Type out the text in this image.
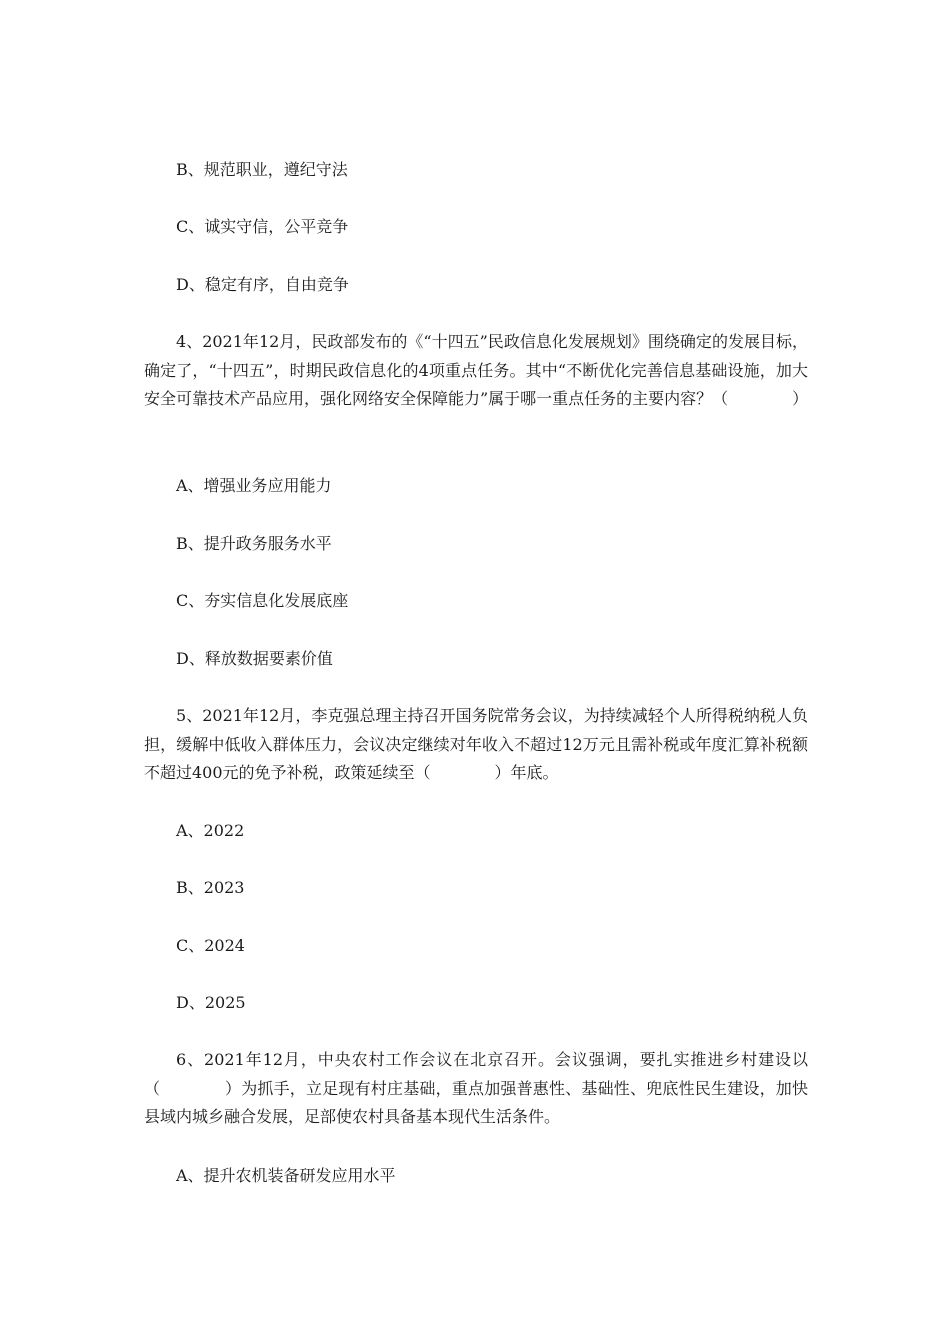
B、规范职业，遵纪守法
C、诚实守信，公平竞争
D、稳定有序，自由竞争
4、2021年12月，民政部发布的《“十四五”民政信息化发展规划》围绕确定的发展目标，确定了，“十四五”，时期民政信息化的4项重点任务。其中“不断优化完善信息基础设施，加大安全可靠技术产品应用，强化网络安全保障能力”属于哪一重点任务的主要内容？（　　　　）
A、增强业务应用能力
B、提升政务服务水平
C、夯实信息化发展底座
D、释放数据要素价值
5、2021年12月，李克强总理主持召开国务院常务会议，为持续减轻个人所得税纳税人负担，缓解中低收入群体压力，会议决定继续对年收入不超过12万元且需补税或年度汇算补税额不超过400元的免予补税，政策延续至（　　　　）年底。
A、2022
B、2023
C、2024
D、2025
6、2021年12月，中央农村工作会议在北京召开。会议强调，要扎实推进乡村建设以（　　　　）为抓手，立足现有村庄基础，重点加强普惠性、基础性、兜底性民生建设，加快县域内城乡融合发展，足部使农村具备基本现代生活条件。
A、提升农机装备研发应用水平
